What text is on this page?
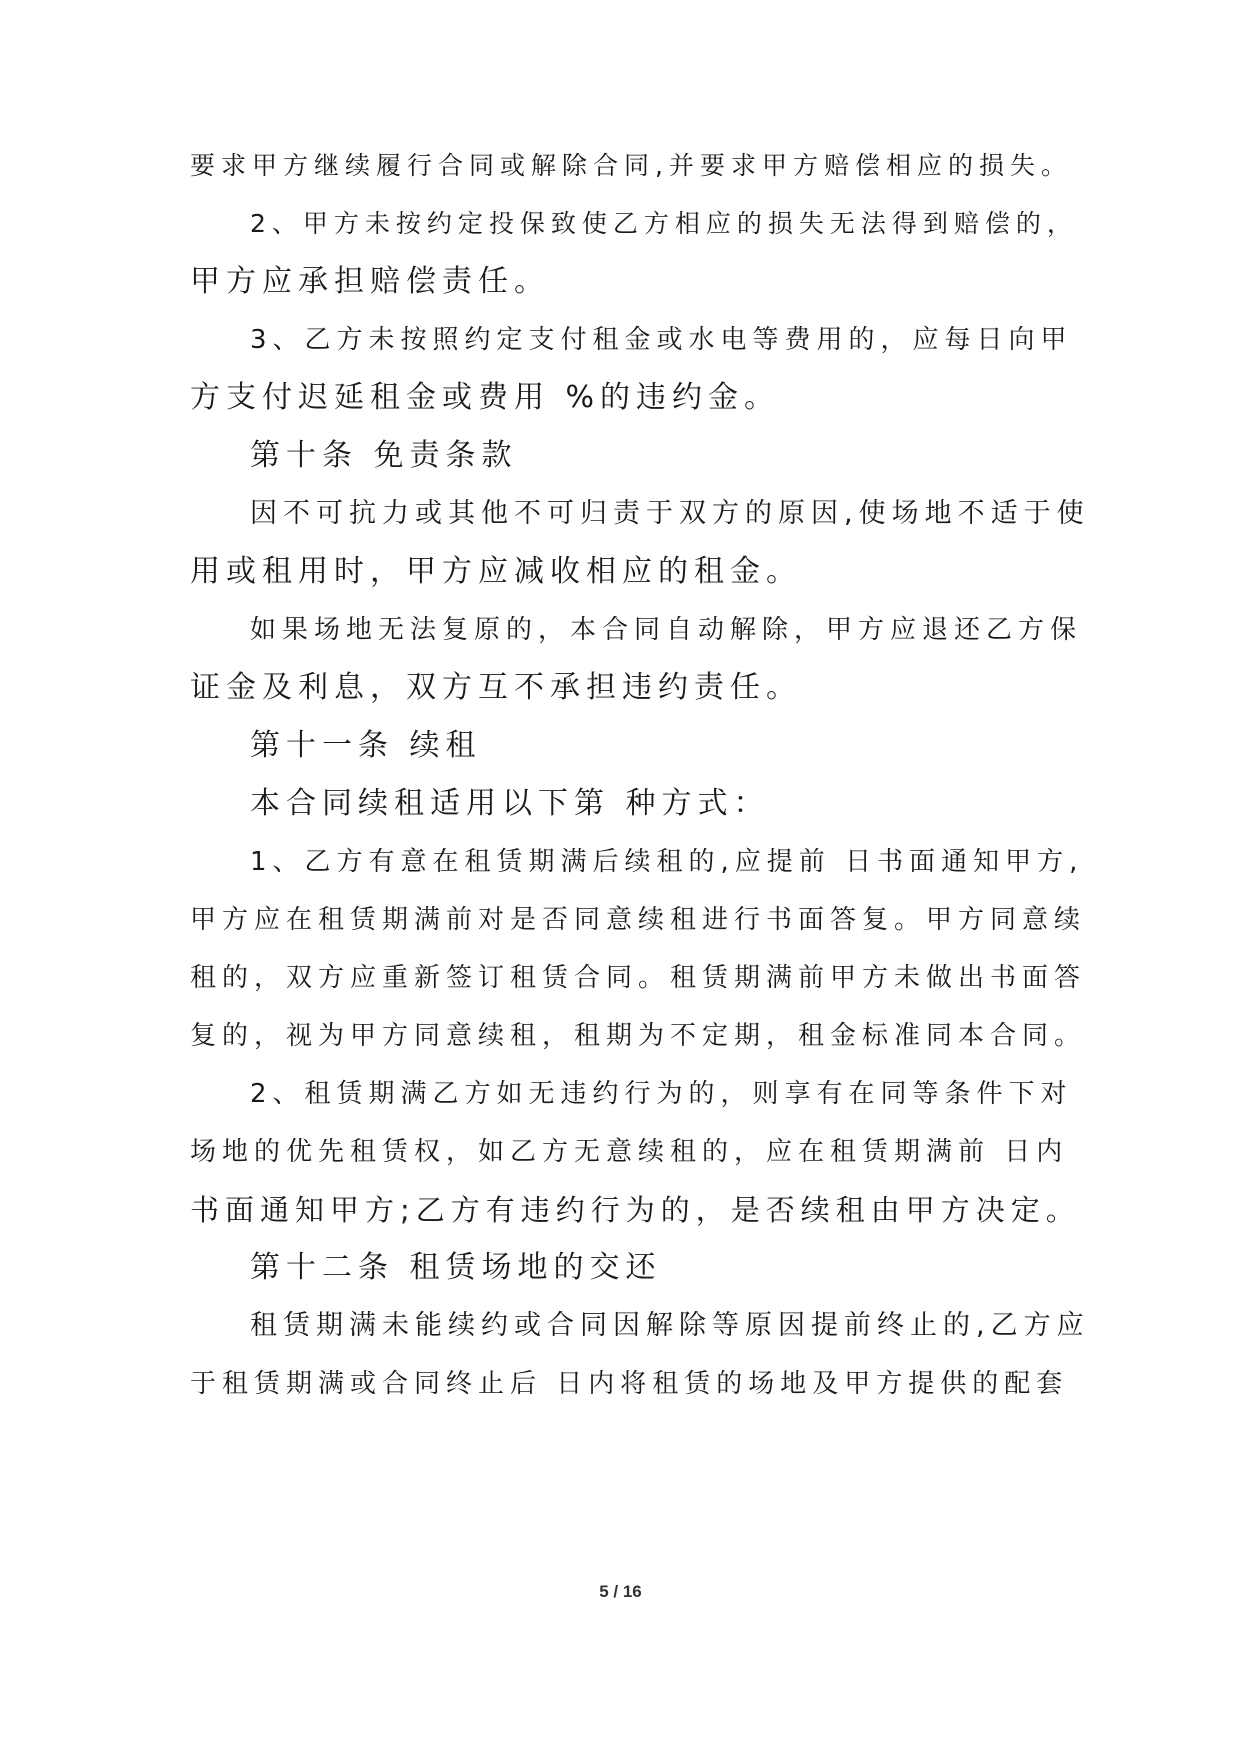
要求甲方继续履行合同或解除合同,并要求甲方赔偿相应的损失。
2、甲方未按约定投保致使乙方相应的损失无法得到赔偿的，
甲方应承担赔偿责任。
3、乙方未按照约定支付租金或水电等费用的，应每日向甲
方支付迟延租金或费用 %的违约金。
第十条 免责条款
因不可抗力或其他不可归责于双方的原因,使场地不适于使
用或租用时，甲方应减收相应的租金。
如果场地无法复原的，本合同自动解除，甲方应退还乙方保
证金及利息，双方互不承担违约责任。
第十一条 续租
本合同续租适用以下第 种方式：
1、乙方有意在租赁期满后续租的,应提前 日书面通知甲方,
甲方应在租赁期满前对是否同意续租进行书面答复。甲方同意续
租的，双方应重新签订租赁合同。租赁期满前甲方未做出书面答
复的，视为甲方同意续租，租期为不定期，租金标准同本合同。
2、租赁期满乙方如无违约行为的，则享有在同等条件下对
场地的优先租赁权，如乙方无意续租的，应在租赁期满前 日内
书面通知甲方;乙方有违约行为的，是否续租由甲方决定。
第十二条 租赁场地的交还
租赁期满未能续约或合同因解除等原因提前终止的,乙方应
于租赁期满或合同终止后 日内将租赁的场地及甲方提供的配套
5 / 16
